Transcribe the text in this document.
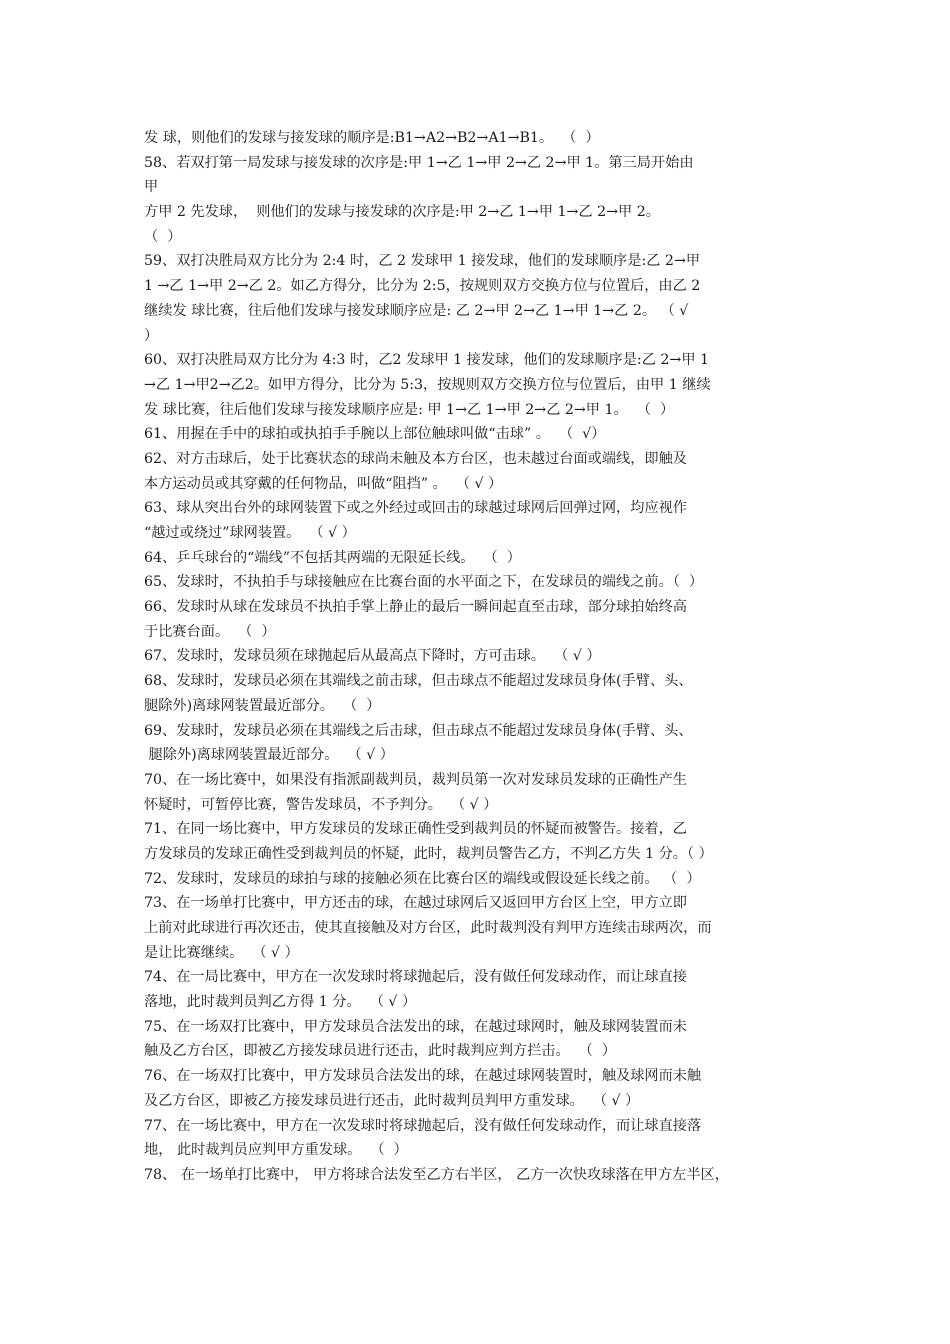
发 球，则他们的发球与接发球的顺序是:B1→A2→B2→A1→B1。  （  ）
58、若双打第一局发球与接发球的次序是:甲 1→乙 1→甲 2→乙 2→甲 1。第三局开始由
甲
方甲 2 先发球，  则他们的发球与接发球的次序是:甲 2→乙 1→甲 1→乙 2→甲 2。
（  ）
59、双打决胜局双方比分为 2:4 时，乙 2 发球甲 1 接发球，他们的发球顺序是:乙 2→甲
1 →乙 1→甲 2→乙 2。如乙方得分，比分为 2:5，按规则双方交换方位与位置后，由乙 2
继续发 球比赛，往后他们发球与接发球顺序应是: 乙 2→甲 2→乙 1→甲 1→乙 2。 （ √
）
60、双打决胜局双方比分为 4:3 时，乙2 发球甲 1 接发球，他们的发球顺序是:乙 2→甲 1
→乙 1→甲2→乙2。如甲方得分，比分为 5:3，按规则双方交换方位与位置后，由甲 1 继续
发 球比赛，往后他们发球与接发球顺序应是: 甲 1→乙 1→甲 2→乙 2→甲 1。  （  ）
61、用握在手中的球拍或执拍手手腕以上部位触球叫做“击球” 。  （  √）
62、对方击球后，处于比赛状态的球尚未触及本方台区，也未越过台面或端线，即触及
本方运动员或其穿戴的任何物品，叫做“阻挡” 。  （ √ ）
63、球从突出台外的球网装置下或之外经过或回击的球越过球网后回弹过网，均应视作
“越过或绕过”球网装置。  （ √ ）
64、乒乓球台的“端线”不包括其两端的无限延长线。  （  ）
65、发球时，不执拍手与球接触应在比赛台面的水平面之下，在发球员的端线之前。（  ）
66、发球时从球在发球员不执拍手掌上静止的最后一瞬间起直至击球，部分球拍始终高
于比赛台面。  （  ）
67、发球时，发球员须在球抛起后从最高点下降时，方可击球。  （ √ ）
68、发球时，发球员必须在其端线之前击球，但击球点不能超过发球员身体(手臂、头、
腿除外)离球网装置最近部分。  （  ）
69、发球时，发球员必须在其端线之后击球，但击球点不能超过发球员身体(手臂、头、
腿除外)离球网装置最近部分。  （ √ ）
70、在一场比赛中，如果没有指派副裁判员，裁判员第一次对发球员发球的正确性产生
怀疑时，可暂停比赛，警告发球员，不予判分。  （ √ ）
71、在同一场比赛中，甲方发球员的发球正确性受到裁判员的怀疑而被警告。接着，乙
方发球员的发球正确性受到裁判员的怀疑，此时，裁判员警告乙方，不判乙方失 1 分。（ ）
72、发球时，发球员的球拍与球的接触必须在比赛台区的端线或假设延长线之前。 （  ）
73、在一场单打比赛中，甲方还击的球，在越过球网后又返回甲方台区上空，甲方立即
上前对此球进行再次还击，使其直接触及对方台区，此时裁判没有判甲方连续击球两次，而
是让比赛继续。  （ √ ）
74、在一局比赛中，甲方在一次发球时将球抛起后，没有做任何发球动作，而让球直接
落地，此时裁判员判乙方得 1 分。  （ √ ）
75、在一场双打比赛中，甲方发球员合法发出的球，在越过球网时，触及球网装置而未
触及乙方台区，即被乙方接发球员进行还击，此时裁判应判方拦击。  （  ）
76、在一场双打比赛中，甲方发球员合法发出的球，在越过球网装置时，触及球网而未触
及乙方台区，即被乙方接发球员进行还击，此时裁判员判甲方重发球。  （ √ ）
77、在一场比赛中，甲方在一次发球时将球抛起后，没有做任何发球动作，而让球直接落
地， 此时裁判员应判甲方重发球。  （  ）
78、 在一场单打比赛中， 甲方将球合法发至乙方右半区， 乙方一次快攻球落在甲方左半区，
